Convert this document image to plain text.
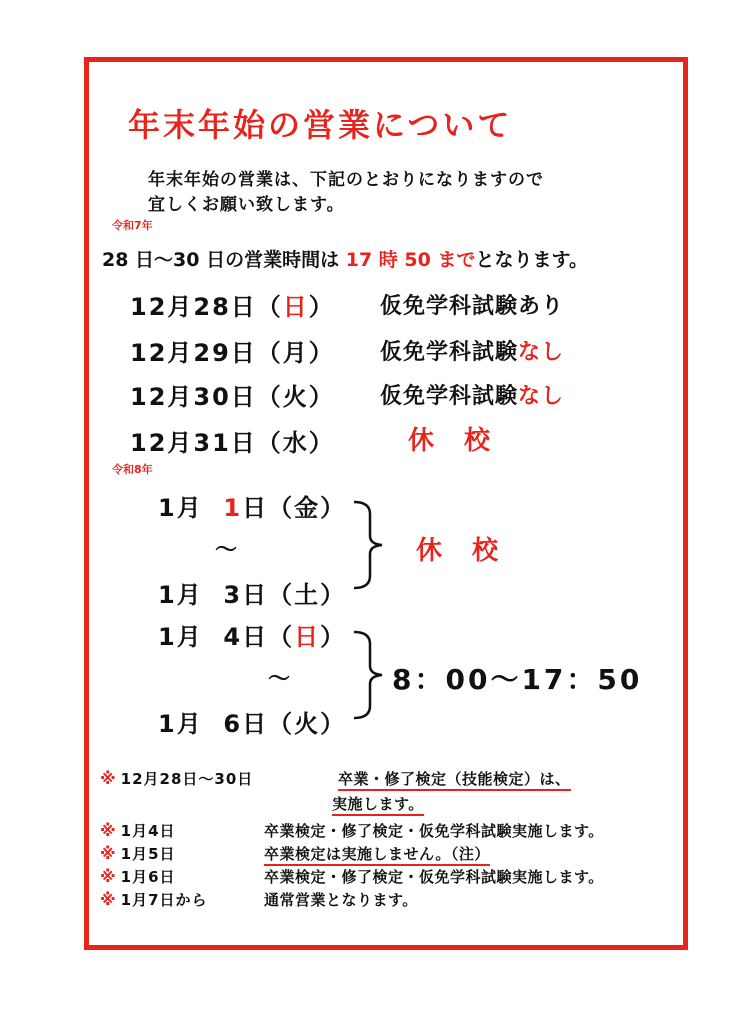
年末年始の営業について
年末年始の営業は、下記のとおりになりますので
宜しくお願い致します。
令和7年
28 日～30 日の営業時間は 17 時 50 までとなります。
12月28日（日） 仮免学科試験あり
12月29日（月） 仮免学科試験なし
12月30日（火） 仮免学科試験なし
12月31日（水）	休　校
令和8年
1月 1日（金）
～
1月 3日（土）
休　校
1月 4日（日）
～
1月 6日（火）
8：00～17：50
※ 12月28日～30日	卒業・修了検定（技能検定）は、
実施します。
※ 1月4日	卒業検定・修了検定・仮免学科試験実施します。
※ 1月5日	卒業検定は実施しません。（注）
※ 1月6日	卒業検定・修了検定・仮免学科試験実施します。
※ 1月7日から	通常営業となります。
